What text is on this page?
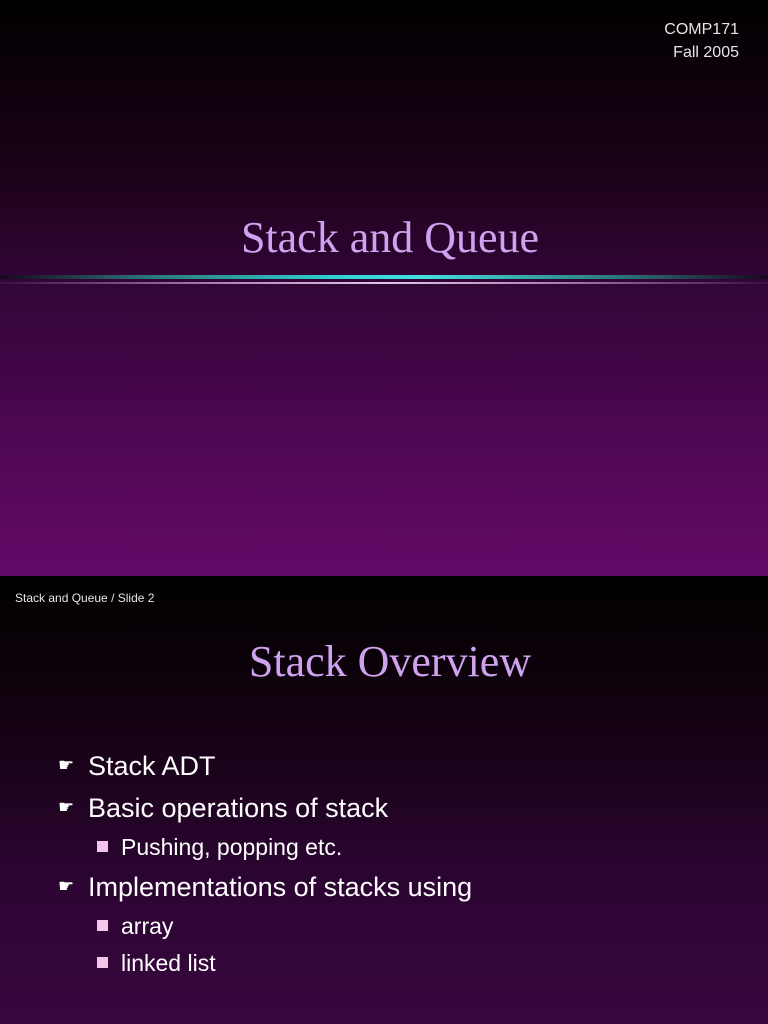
COMP171
Fall 2005
Stack and Queue
Stack and Queue / Slide 2
Stack Overview
☛ Stack ADT
☛ Basic operations of stack
Pushing, popping etc.
☛ Implementations of stacks using
array
linked list
